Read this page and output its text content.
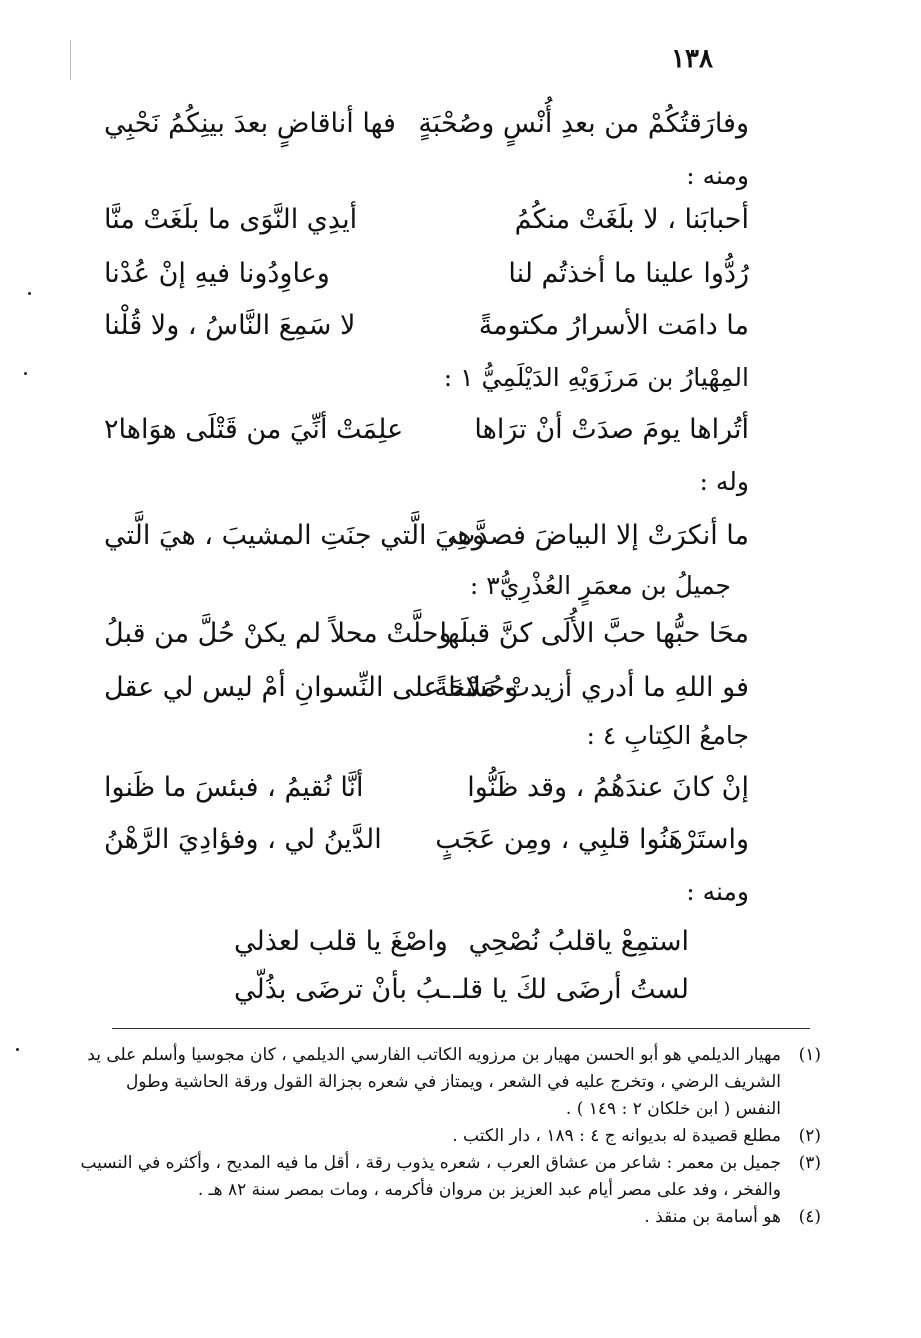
١٣٨
وفارَقتُكُمْ من بعدِ أُنْسٍ وصُحْبَةٍ
فها أناقاضٍ بعدَ بينِكُمُ نَحْبِي
ومنه :
أحبابَنا ، لا بلَغَتْ منكُمُ
أيدِي النَّوَى ما بلَغَتْ منَّا
رُدُّوا علينا ما أخذتُم لنا
وعاوِدُونا فيهِ إنْ عُدْنا
ما دامَت الأسرارُ مكتومةً
لا سَمِعَ النَّاسُ ، ولا قُلْنا
المِهْيارُ بن مَرزَوَيْهِ الدَيْلَمِيُّ ١ :
أتُراها يومَ صدَتْ أنْ ترَاها
علِمَتْ أنِّيَ من قَتْلَى هوَاها٢
وله :
ما أنكرَتْ إلا البياضَ فصدَّتِ
وهيَ الَّتي جنَتِ المشيبَ ، هيَ الَّتي
جميلُ بن معمَرٍ العُذْرِيُّ٣ :
محَا حبُّها حبَّ الأُلَى كنَّ قبلَها
وحلَّتْ محلاً لم يكنْ حُلَّ من قبلُ
فو اللهِ ما أدري أزيدتْ مَلاحَةً
وحُسْنا على النِّسوانِ أمْ ليس لي عقل
جامعُ الكِتابِ ٤ :
إنْ كانَ عندَهُمُ ، وقد ظَنُّوا
أنَّا نُقيمُ ، فبئسَ ما ظَنوا
واستَرْهَنُوا قلبِي ، ومِن عَجَبٍ
الدَّينُ لي ، وفؤادِيَ الرَّهْنُ
ومنه :
استمِعْ ياقلبُ نُصْحِي
واصْغَ يا قلب لعذلي
لستُ أرضَى لكَ يا قلـ
ـبُ بأنْ ترضَى بذُلّي

(١)
مهيار الديلمي هو أبو الحسن مهيار بن مرزويه الكاتب الفارسي الديلمي ، كان مجوسيا وأسلم على يد الشريف الرضي ، وتخرج عليه في الشعر ، ويمتاز في شعره بجزالة القول ورقة الحاشية وطول النفس ( ابن خلكان ٢ : ١٤٩ ) .

(٢)
مطلع قصيدة له بديوانه ج ٤ : ١٨٩ ، دار الكتب .

(٣)
جميل بن معمر : شاعر من عشاق العرب ، شعره يذوب رقة ، أقل ما فيه المديح ، وأكثره في النسيب والفخر ، وفد على مصر أيام عبد العزيز بن مروان فأكرمه ، ومات بمصر سنة ٨٢ هـ .

(٤)
هو أسامة بن منقذ .
